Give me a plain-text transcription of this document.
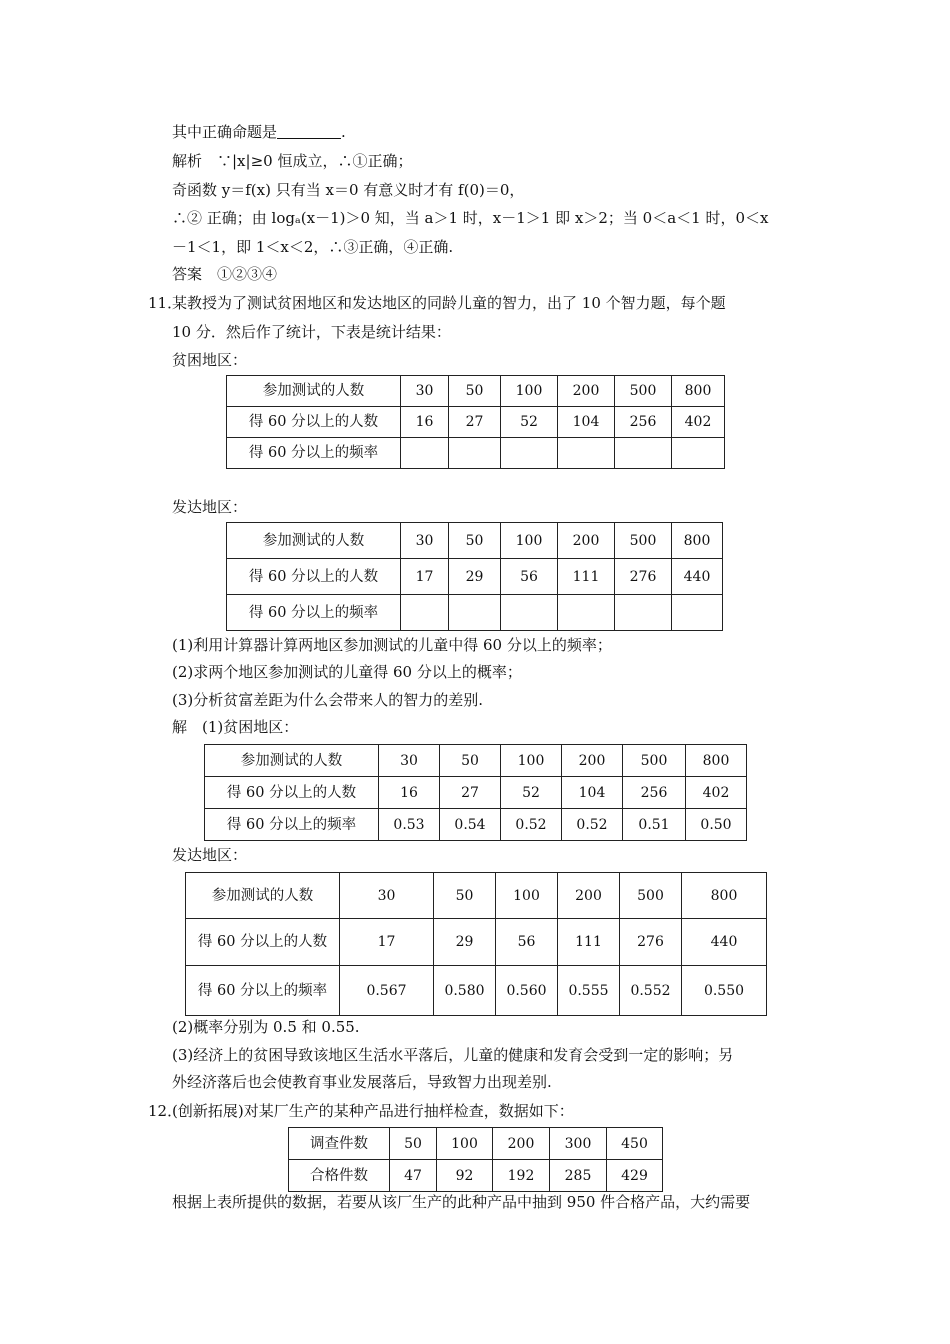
其中正确命题是	.
解析　∵|x|≥0 恒成立，∴①正确；
奇函数 y＝f(x) 只有当 x＝0 有意义时才有 f(0)＝0，
∴② 正确；由 logₐ(x－1)＞0 知，当 a＞1 时，x－1＞1 即 x＞2；当 0＜a＜1 时，0＜x
－1＜1，即 1＜x＜2，∴③正确，④正确.
答案　①②③④
11．
某教授为了测试贫困地区和发达地区的同龄儿童的智力，出了 10 个智力题，每个题
10 分．然后作了统计，下表是统计结果：
贫困地区：
参加测试的人数	30	50	100	200	500	800
得 60 分以上的人数	16	27	52	104	256	402
得 60 分以上的频率						
发达地区：
参加测试的人数	30	50	100	200	500	800
得 60 分以上的人数	17	29	56	111	276	440
得 60 分以上的频率						
(1)利用计算器计算两地区参加测试的儿童中得 60 分以上的频率；
(2)求两个地区参加测试的儿童得 60 分以上的概率；
(3)分析贫富差距为什么会带来人的智力的差别.
解　(1)贫困地区：
参加测试的人数	30	50	100	200	500	800
得 60 分以上的人数	16	27	52	104	256	402
得 60 分以上的频率	0.53	0.54	0.52	0.52	0.51	0.50
发达地区：
参加测试的人数	30	50	100	200	500	800
得 60 分以上的人数	17	29	56	111	276	440
得 60 分以上的频率	0.567	0.580	0.560	0.555	0.552	0.550
(2)概率分别为 0.5 和 0.55.
(3)经济上的贫困导致该地区生活水平落后，儿童的健康和发育会受到一定的影响；另
外经济落后也会使教育事业发展落后，导致智力出现差别.
12．
(创新拓展)对某厂生产的某种产品进行抽样检查，数据如下：
调查件数	50	100	200	300	450
合格件数	47	92	192	285	429
根据上表所提供的数据，若要从该厂生产的此种产品中抽到 950 件合格产品，大约需要
